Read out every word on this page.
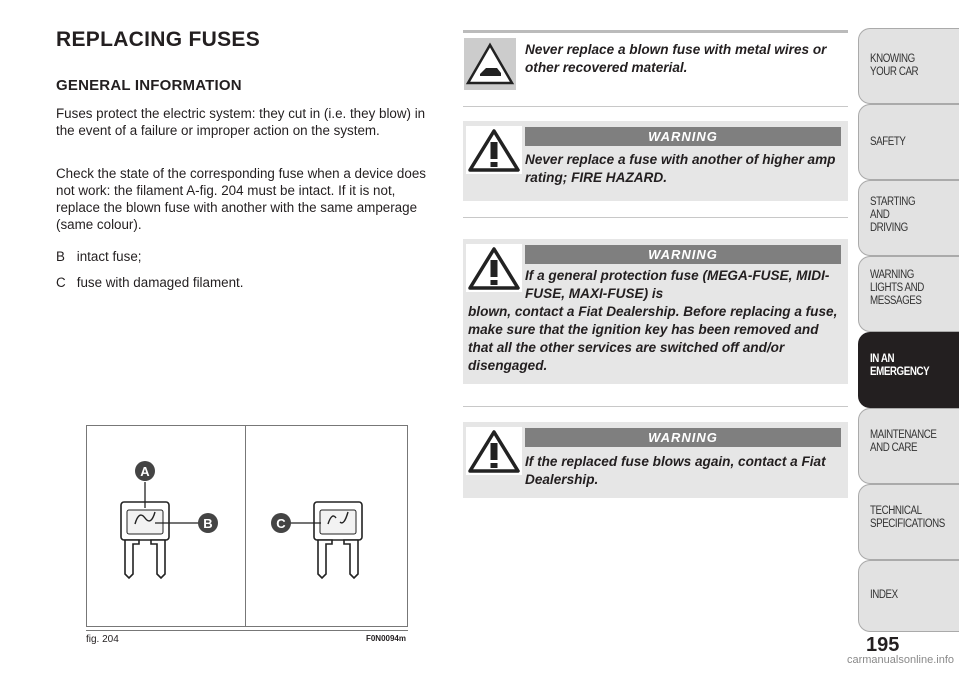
REPLACING FUSES
GENERAL INFORMATION

Fuses protect the electric system: they cut in (i.e. they blow) in the event of a failure or improper action on the system.

Check the state of the corresponding fuse when a device does not work: the filament A-fig. 204 must be intact. If it is not, replace the blown fuse with another with the same amperage (same colour).

B intact fuse;
C fuse with damaged filament.
A
B	C
fig. 204	F0N0094m
Never replace a blown fuse with metal wires or other recovered material.
WARNING
Never replace a fuse with another of higher amp rating; FIRE HAZARD.
WARNING
If a general protection fuse (MEGA-FUSE, MIDI-FUSE, MAXI-FUSE) is
blown, contact a Fiat Dealership. Before replacing a fuse, make sure that the ignition key has been removed and that all the other services are switched off and/or disengaged.
WARNING
If the replaced fuse blows again, contact a Fiat Dealership.
KNOWING
YOUR CAR
SAFETY
STARTING
AND
DRIVING
WARNING
LIGHTS AND
MESSAGES
IN AN
EMERGENCY
MAINTENANCE
AND CARE
TECHNICAL
SPECIFICATIONS
INDEX
195
carmanualsonline.info
